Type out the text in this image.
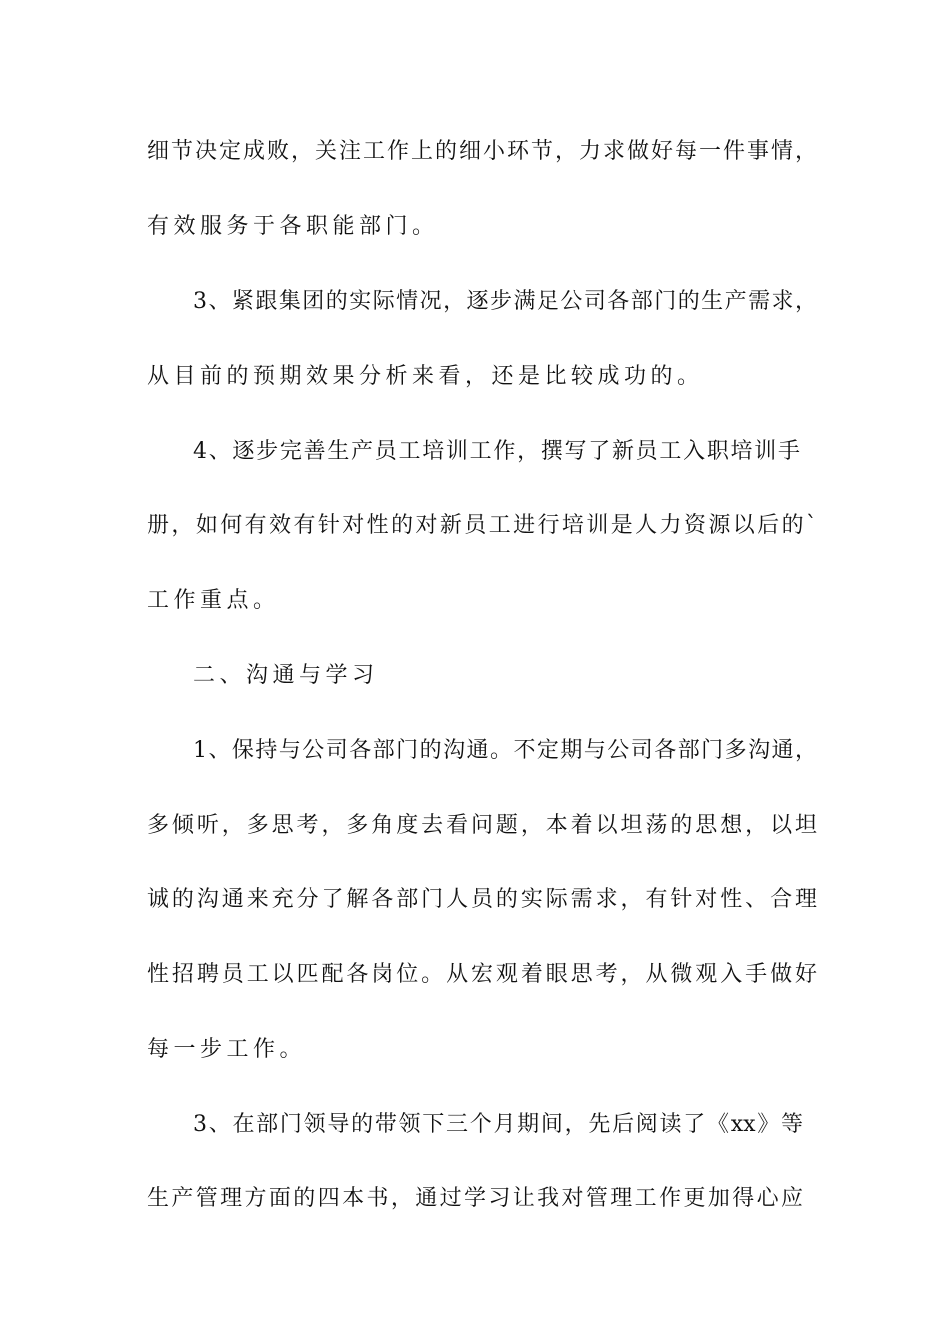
细节决定成败，关注工作上的细小环节，力求做好每一件事情，
有效服务于各职能部门。
3、紧跟集团的实际情况，逐步满足公司各部门的生产需求，
从目前的预期效果分析来看，还是比较成功的。
4、逐步完善生产员工培训工作，撰写了新员工入职培训手
册，如何有效有针对性的对新员工进行培训是人力资源以后的`
工作重点。
二、沟通与学习
1、保持与公司各部门的沟通。不定期与公司各部门多沟通，
多倾听，多思考，多角度去看问题，本着以坦荡的思想，以坦
诚的沟通来充分了解各部门人员的实际需求，有针对性、合理
性招聘员工以匹配各岗位。从宏观着眼思考，从微观入手做好
每一步工作。
3、在部门领导的带领下三个月期间，先后阅读了《xx》等
生产管理方面的四本书，通过学习让我对管理工作更加得心应
